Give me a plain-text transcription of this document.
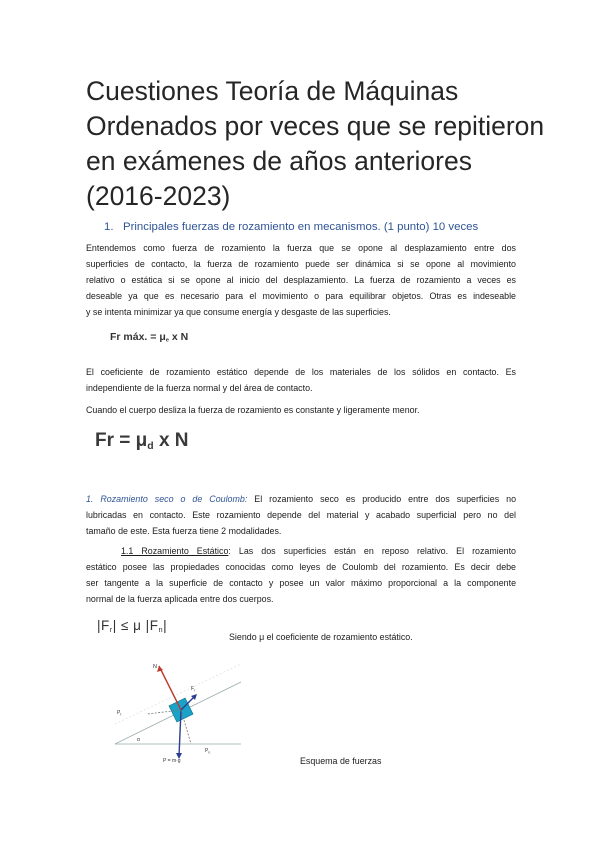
Cuestiones Teoría de Máquinas
Ordenados por veces que se repitieron
en exámenes de años anteriores
(2016-2023)
1. Principales fuerzas de rozamiento en mecanismos. (1 punto) 10 veces

Entendemos como fuerza de rozamiento la fuerza que se opone al desplazamiento entre dos
superficies de contacto, la fuerza de rozamiento puede ser dinámica si se opone al movimiento
relativo o estática si se opone al inicio del desplazamiento. La fuerza de rozamiento a veces es
deseable ya que es necesario para el movimiento o para equilibrar objetos. Otras es indeseable
y se intenta minimizar ya que consume energía y desgaste de las superficies.

Fr máx. = $\mu_e$ x N

El coeficiente de rozamiento estático depende de los materiales de los sólidos en contacto. Es
independiente de la fuerza normal y del área de contacto.

Cuando el cuerpo desliza la fuerza de rozamiento es constante y ligeramente menor.

$Fr = \mu_d$ x N

1. Rozamiento seco o de Coulomb: El rozamiento seco es producido entre dos superficies no
lubricadas en contacto. Este rozamiento depende del material y acabado superficial pero no del
tamaño de este. Esta fuerza tiene 2 modalidades.

1.1 Rozamiento Estático: Las dos superficies están en reposo relativo. El rozamiento
estático posee las propiedades conocidas como leyes de Coulomb del rozamiento. Es decir debe
ser tangente a la superficie de contacto y posee un valor máximo proporcional a la componente
normal de la fuerza aplicada entre dos cuerpos.

$|F_r| \le \mu$ $|F_n|$
Siendo μ el coeficiente de rozamiento estático.
N
$F_r$
$P_t$
$P_n$
P = m·g
α
Esquema de fuerzas
